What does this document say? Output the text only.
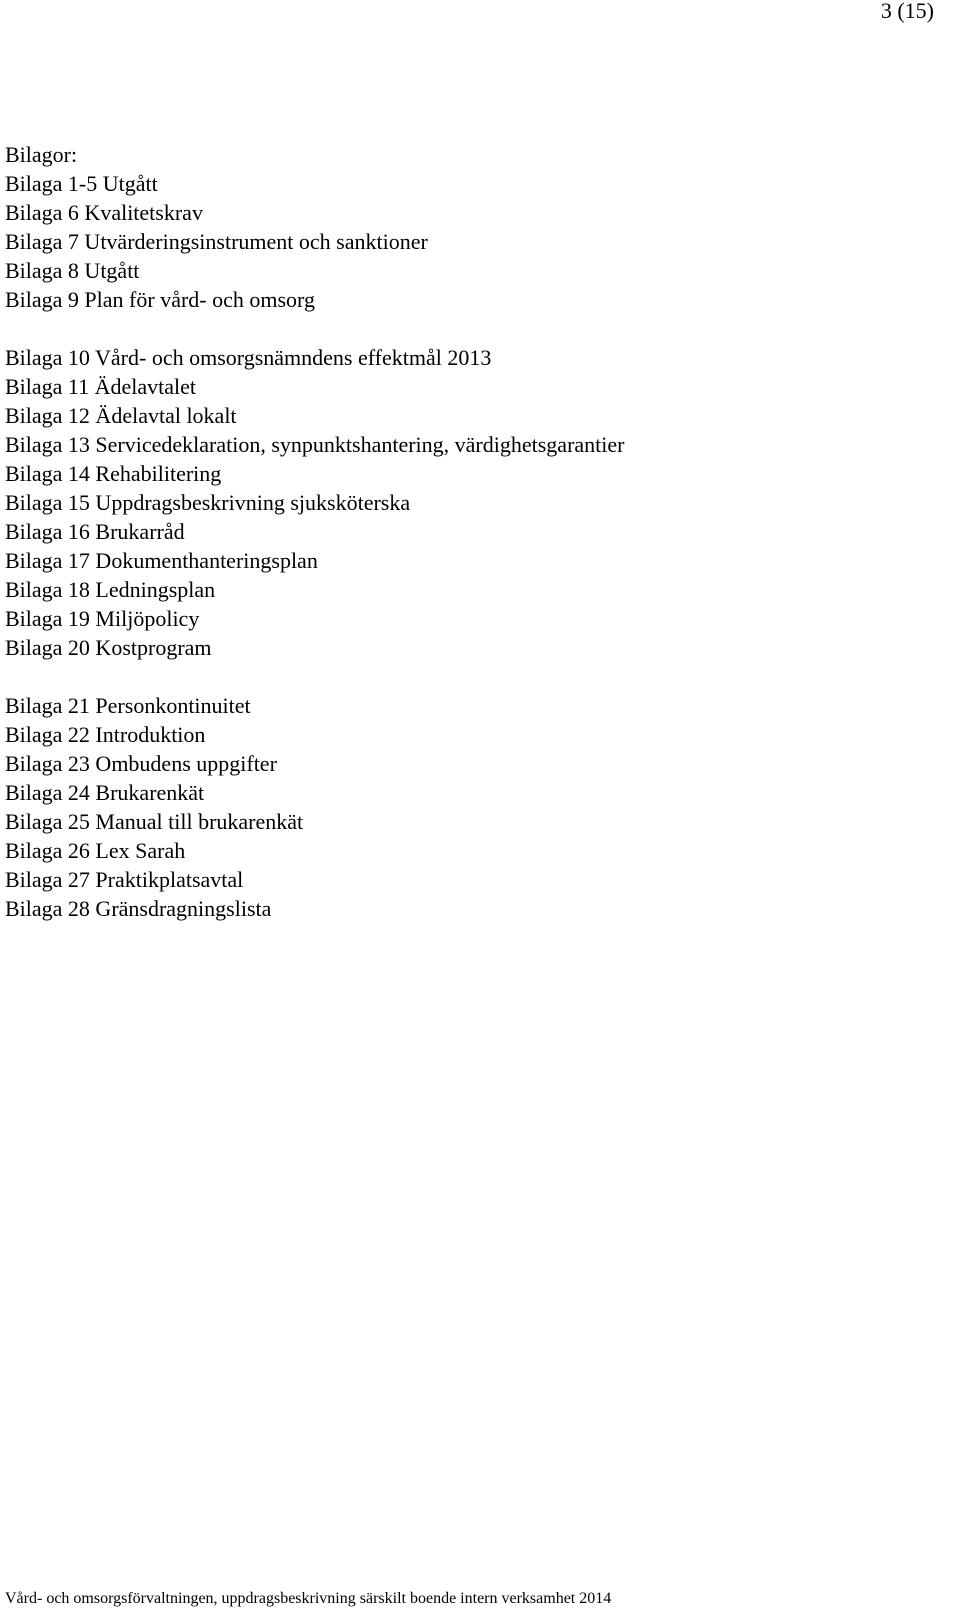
3 (15)
Bilagor:
Bilaga 1-5 Utgått
Bilaga 6 Kvalitetskrav
Bilaga 7 Utvärderingsinstrument och sanktioner
Bilaga 8 Utgått
Bilaga 9 Plan för vård- och omsorg
Bilaga 10 Vård- och omsorgsnämndens effektmål 2013
Bilaga 11 Ädelavtalet
Bilaga 12 Ädelavtal lokalt
Bilaga 13 Servicedeklaration, synpunktshantering, värdighetsgarantier
Bilaga 14 Rehabilitering
Bilaga 15 Uppdragsbeskrivning sjuksköterska
Bilaga 16 Brukarråd
Bilaga 17 Dokumenthanteringsplan
Bilaga 18 Ledningsplan
Bilaga 19 Miljöpolicy
Bilaga 20 Kostprogram
Bilaga 21 Personkontinuitet
Bilaga 22 Introduktion
Bilaga 23 Ombudens uppgifter
Bilaga 24 Brukarenkät
Bilaga 25 Manual till brukarenkät
Bilaga 26 Lex Sarah
Bilaga 27 Praktikplatsavtal
Bilaga 28 Gränsdragningslista
Vård- och omsorgsförvaltningen, uppdragsbeskrivning särskilt boende intern verksamhet 2014
